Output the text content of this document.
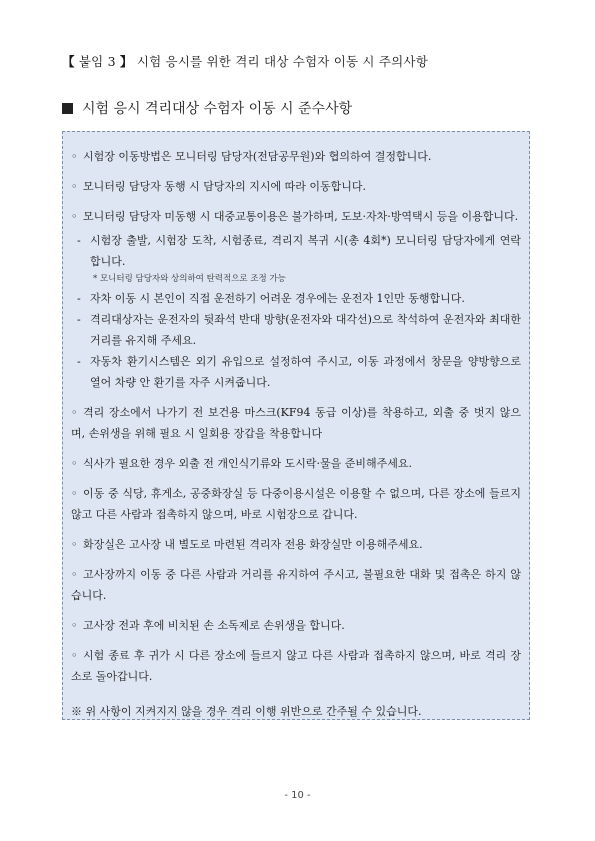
【 붙임 3 】 시험 응시를 위한 격리 대상 수험자 이동 시 주의사항
시험 응시 격리대상 수험자 이동 시 준수사항
◦ 시험장 이동방법은 모니터링 담당자(전담공무원)와 협의하여 결정합니다.
◦ 모니터링 담당자 동행 시 담당자의 지시에 따라 이동합니다.
◦ 모니터링 담당자 미동행 시 대중교통이용은 불가하며, 도보·자차·방역택시 등을 이용합니다.
- 시험장 출발, 시험장 도착, 시험종료, 격리지 복귀 시(총 4회*) 모니터링 담당자에게 연락합니다.
* 모니터링 담당자와 상의하여 탄력적으로 조정 가능
- 자차 이동 시 본인이 직접 운전하기 어려운 경우에는 운전자 1인만 동행합니다.
- 격리대상자는 운전자의 뒷좌석 반대 방향(운전자와 대각선)으로 착석하여 운전자와 최대한 거리를 유지해 주세요.
- 자동차 환기시스템은 외기 유입으로 설정하여 주시고, 이동 과정에서 창문을 양방향으로 열어 차량 안 환기를 자주 시켜줍니다.
◦ 격리 장소에서 나가기 전 보건용 마스크(KF94 동급 이상)를 착용하고, 외출 중 벗지 않으며, 손위생을 위해 필요 시 일회용 장갑을 착용합니다
◦ 식사가 필요한 경우 외출 전 개인식기류와 도시락·물을 준비해주세요.
◦ 이동 중 식당, 휴게소, 공중화장실 등 다중이용시설은 이용할 수 없으며, 다른 장소에 들르지 않고 다른 사람과 접촉하지 않으며, 바로 시험장으로 갑니다.
◦ 화장실은 고사장 내 별도로 마련된 격리자 전용 화장실만 이용해주세요.
◦ 고사장까지 이동 중 다른 사람과 거리를 유지하여 주시고, 불필요한 대화 및 접촉은 하지 않습니다.
◦ 고사장 전과 후에 비치된 손 소독제로 손위생을 합니다.
◦ 시험 종료 후 귀가 시 다른 장소에 들르지 않고 다른 사람과 접촉하지 않으며, 바로 격리 장소로 돌아갑니다.
※ 위 사항이 지켜지지 않을 경우 격리 이행 위반으로 간주될 수 있습니다.
- 10 -
